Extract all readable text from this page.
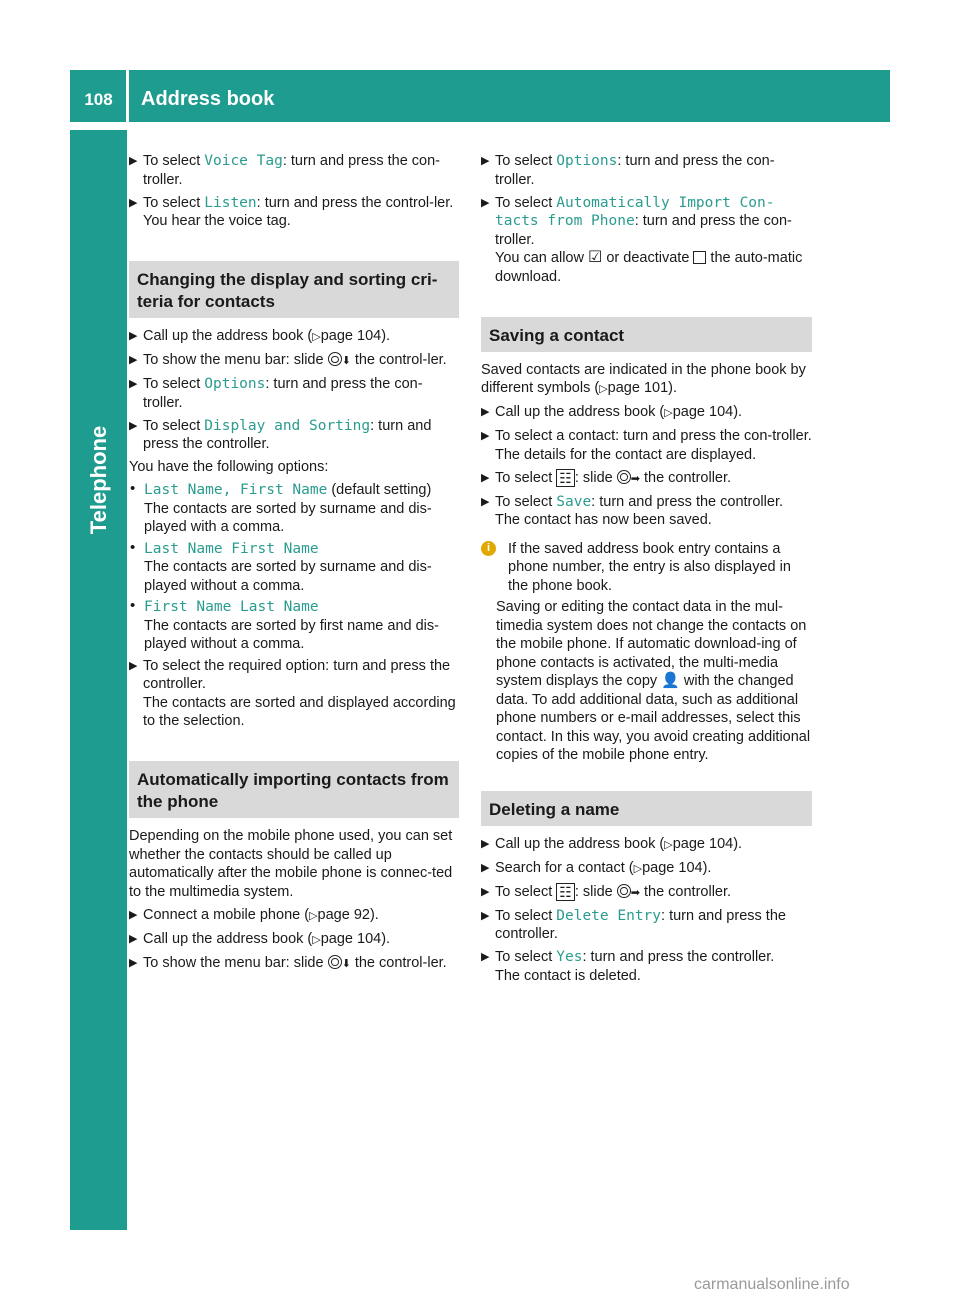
108	Address book
Telephone
▶ To select Voice Tag: turn and press the con-troller.
▶ To select Listen: turn and press the control-ler.
You hear the voice tag.
Changing the display and sorting cri-teria for contacts
▶ Call up the address book (▷page 104).
▶ To show the menu bar: slide ⬇ the control-ler.
▶ To select Options: turn and press the con-troller.
▶ To select Display and Sorting: turn and press the controller.
You have the following options:
• Last Name, First Name (default setting)
The contacts are sorted by surname and dis-played with a comma.
• Last Name First Name
The contacts are sorted by surname and dis-played without a comma.
• First Name Last Name
The contacts are sorted by first name and dis-played without a comma.
▶ To select the required option: turn and press the controller.
The contacts are sorted and displayed according to the selection.
Automatically importing contacts from the phone
Depending on the mobile phone used, you can set whether the contacts should be called up automatically after the mobile phone is connec-ted to the multimedia system.
▶ Connect a mobile phone (▷page 92).
▶ Call up the address book (▷page 104).
▶ To show the menu bar: slide ⬇ the control-ler.
▶ To select Options: turn and press the con-troller.
▶ To select Automatically Import Con-tacts from Phone: turn and press the con-troller.
You can allow ☑ or deactivate  the auto-matic download.
Saving a contact
Saved contacts are indicated in the phone book by different symbols (▷page 101).
▶ Call up the address book (▷page 104).
▶ To select a contact: turn and press the con-troller.
The details for the contact are displayed.
▶ To select ☷ : slide ➡ the controller.
▶ To select Save: turn and press the controller.
The contact has now been saved.
i	If the saved address book entry contains a phone number, the entry is also displayed in the phone book.
Saving or editing the contact data in the mul-timedia system does not change the contacts on the mobile phone. If automatic download-ing of phone contacts is activated, the multi-media system displays the copy 👤 with the changed data. To add additional data, such as additional phone numbers or e-mail addresses, select this contact. In this way, you avoid creating additional copies of the mobile phone entry.
Deleting a name
▶ Call up the address book (▷page 104).
▶ Search for a contact (▷page 104).
▶ To select ☷ : slide ➡ the controller.
▶ To select Delete Entry: turn and press the controller.
▶ To select Yes: turn and press the controller.
The contact is deleted.
carmanualsonline.info
